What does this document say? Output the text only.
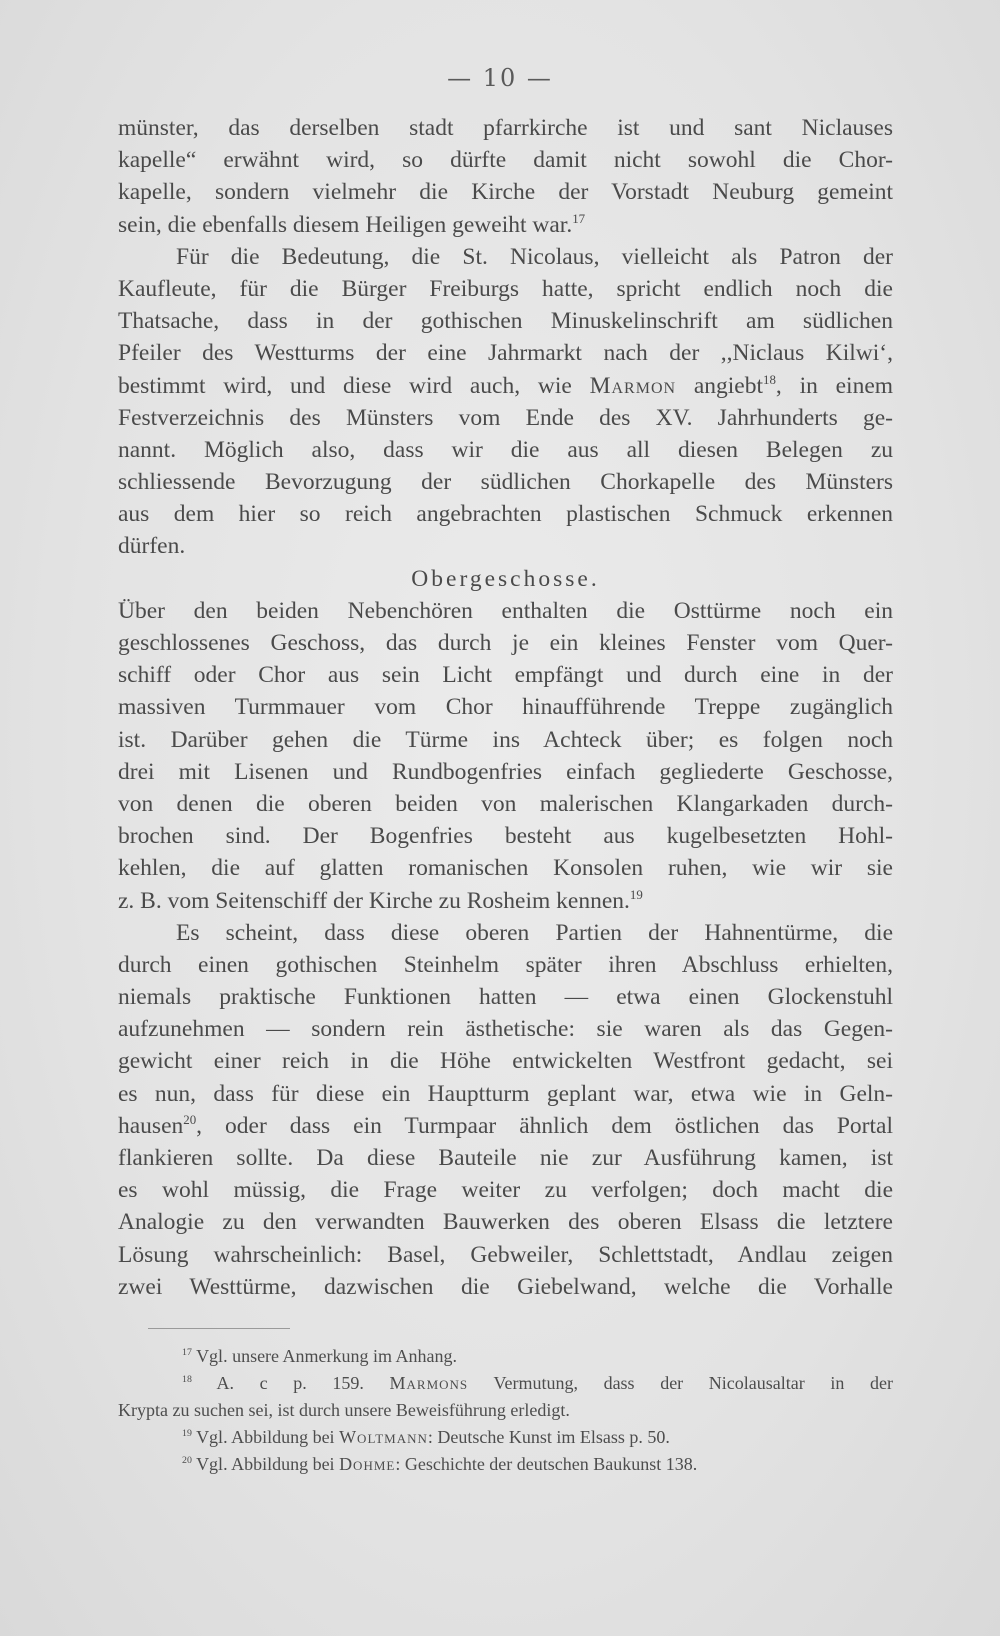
— 10 —
münster, das derselben stadt pfarrkirche ist und sant Niclauses
kapelle“ erwähnt wird, so dürfte damit nicht sowohl die Chor-
kapelle, sondern vielmehr die Kirche der Vorstadt Neuburg gemeint
sein, die ebenfalls diesem Heiligen geweiht war.$^{17}$
Für die Bedeutung, die St. Nicolaus, vielleicht als Patron der
Kaufleute, für die Bürger Freiburgs hatte, spricht endlich noch die
Thatsache, dass in der gothischen Minuskelinschrift am südlichen
Pfeiler des Westturms der eine Jahrmarkt nach der ,,Niclaus Kilwi‘,
bestimmt wird, und diese wird auch, wie Marmon angiebt$^{18}$, in einem
Festverzeichnis des Münsters vom Ende des XV. Jahrhunderts ge-
nannt. Möglich also, dass wir die aus all diesen Belegen zu
schliessende Bevorzugung der südlichen Chorkapelle des Münsters
aus dem hier so reich angebrachten plastischen Schmuck erkennen
dürfen.
Obergeschosse.
Über den beiden Nebenchören enthalten die Osttürme noch ein
geschlossenes Geschoss, das durch je ein kleines Fenster vom Quer-
schiff oder Chor aus sein Licht empfängt und durch eine in der
massiven Turmmauer vom Chor hinaufführende Treppe zugänglich
ist. Darüber gehen die Türme ins Achteck über; es folgen noch
drei mit Lisenen und Rundbogenfries einfach gegliederte Geschosse,
von denen die oberen beiden von malerischen Klangarkaden durch-
brochen sind. Der Bogenfries besteht aus kugelbesetzten Hohl-
kehlen, die auf glatten romanischen Konsolen ruhen, wie wir sie
z. B. vom Seitenschiff der Kirche zu Rosheim kennen.$^{19}$
Es scheint, dass diese oberen Partien der Hahnentürme, die
durch einen gothischen Steinhelm später ihren Abschluss erhielten,
niemals praktische Funktionen hatten — etwa einen Glockenstuhl
aufzunehmen — sondern rein ästhetische: sie waren als das Gegen-
gewicht einer reich in die Höhe entwickelten Westfront gedacht, sei
es nun, dass für diese ein Hauptturm geplant war, etwa wie in Geln-
hausen$^{20}$, oder dass ein Turmpaar ähnlich dem östlichen das Portal
flankieren sollte. Da diese Bauteile nie zur Ausführung kamen, ist
es wohl müssig, die Frage weiter zu verfolgen; doch macht die
Analogie zu den verwandten Bauwerken des oberen Elsass die letztere
Lösung wahrscheinlich: Basel, Gebweiler, Schlettstadt, Andlau zeigen
zwei Westtürme, dazwischen die Giebelwand, welche die Vorhalle
$^{17}$ Vgl. unsere Anmerkung im Anhang.
$^{18}$ A. c p. 159. Marmons Vermutung, dass der Nicolausaltar in der
Krypta zu suchen sei, ist durch unsere Beweisführung erledigt.
$^{19}$ Vgl. Abbildung bei Woltmann: Deutsche Kunst im Elsass p. 50.
$^{20}$ Vgl. Abbildung bei Dohme: Geschichte der deutschen Baukunst 138.
